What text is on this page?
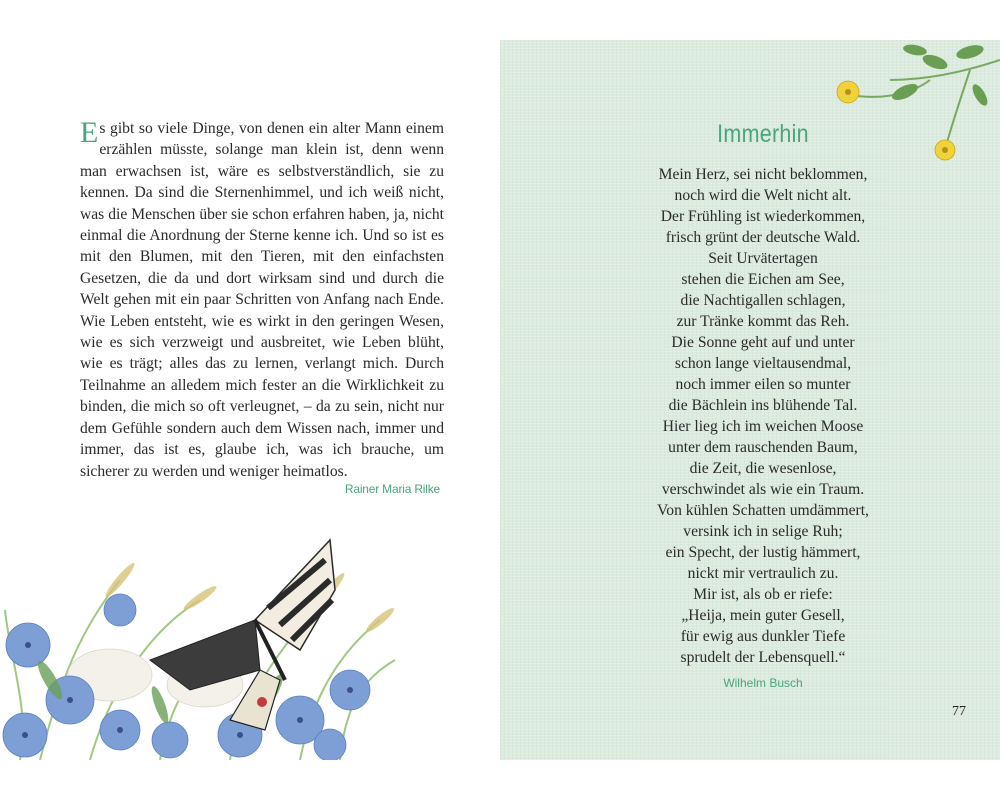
Es gibt so viele Dinge, von denen ein alter Mann einem erzählen müsste, solange man klein ist, denn wenn man erwachsen ist, wäre es selbstverständlich, sie zu kennen. Da sind die Sternenhimmel, und ich weiß nicht, was die Menschen über sie schon erfahren haben, ja, nicht einmal die Anordnung der Sterne kenne ich. Und so ist es mit den Blumen, mit den Tieren, mit den einfachsten Gesetzen, die da und dort wirksam sind und durch die Welt gehen mit ein paar Schritten von Anfang nach Ende. Wie Leben entsteht, wie es wirkt in den geringen Wesen, wie es sich verzweigt und ausbreitet, wie Leben blüht, wie es trägt; alles das zu lernen, verlangt mich. Durch Teilnahme an alledem mich fester an die Wirklichkeit zu binden, die mich so oft verleugnet, – da zu sein, nicht nur dem Gefühle sondern auch dem Wissen nach, immer und immer, das ist es, glaube ich, was ich brauche, um sicherer zu werden und weniger heimatlos.
Rainer Maria Rilke
MB
Immerhin
Mein Herz, sei nicht beklommen,
noch wird die Welt nicht alt.
Der Frühling ist wiederkommen,
frisch grünt der deutsche Wald.
Seit Urvätertagen
stehen die Eichen am See,
die Nachtigallen schlagen,
zur Tränke kommt das Reh.
Die Sonne geht auf und unter
schon lange vieltausendmal,
noch immer eilen so munter
die Bächlein ins blühende Tal.
Hier lieg ich im weichen Moose
unter dem rauschenden Baum,
die Zeit, die wesenlose,
verschwindet als wie ein Traum.
Von kühlen Schatten umdämmert,
versink ich in selige Ruh;
ein Specht, der lustig hämmert,
nickt mir vertraulich zu.
Mir ist, als ob er riefe:
„Heija, mein guter Gesell,
für ewig aus dunkler Tiefe
sprudelt der Lebensquell.“
Wilhelm Busch
77
